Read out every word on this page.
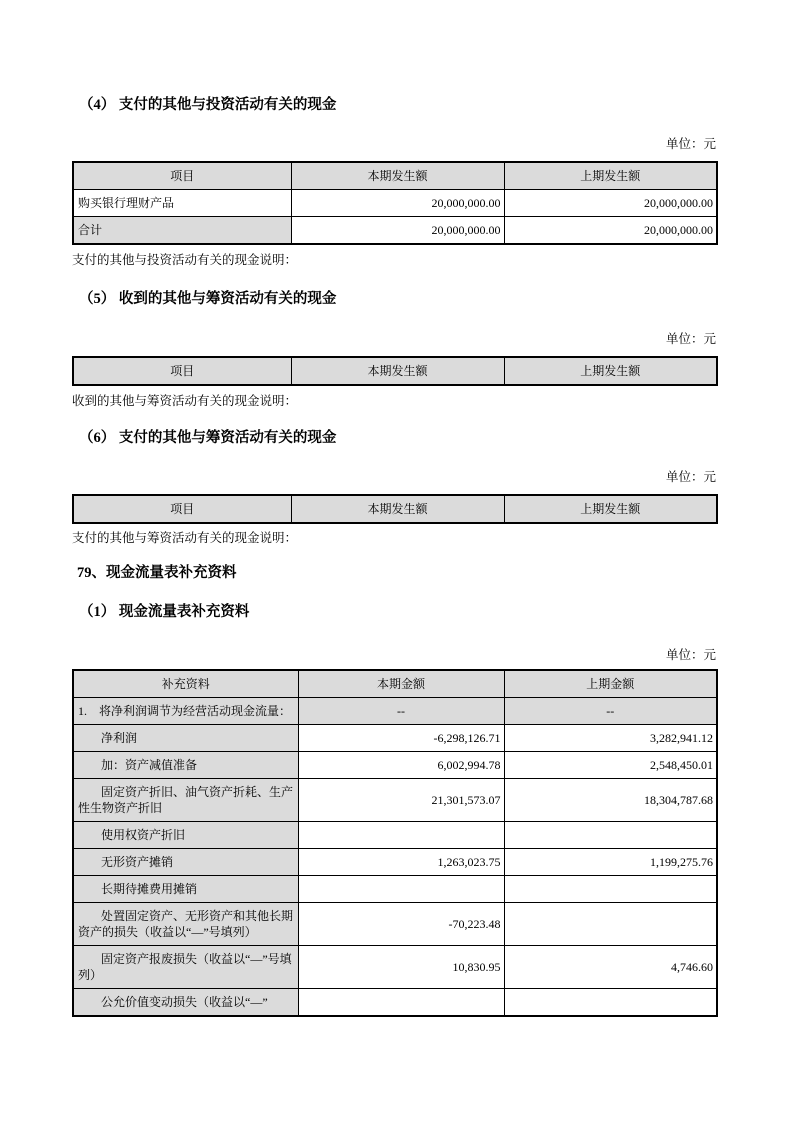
（4） 支付的其他与投资活动有关的现金
单位：元
项目	本期发生额	上期发生额
购买银行理财产品	20,000,000.00	20,000,000.00
合计	20,000,000.00	20,000,000.00
支付的其他与投资活动有关的现金说明：
（5） 收到的其他与筹资活动有关的现金
单位：元
项目	本期发生额	上期发生额
收到的其他与筹资活动有关的现金说明：
（6） 支付的其他与筹资活动有关的现金
单位：元
项目	本期发生额	上期发生额
支付的其他与筹资活动有关的现金说明：
79、现金流量表补充资料
（1） 现金流量表补充资料
单位：元
补充资料	本期金额	上期金额
1.　将净利润调节为经营活动现金流量：	--	--
净利润	-6,298,126.71	3,282,941.12
加：资产减值准备	6,002,994.78	2,548,450.01
固定资产折旧、油气资产折耗、生产性生物资产折旧	21,301,573.07	18,304,787.68
使用权资产折旧		
无形资产摊销	1,263,023.75	1,199,275.76
长期待摊费用摊销		
处置固定资产、无形资产和其他长期资产的损失（收益以“—”号填列）	-70,223.48	
固定资产报废损失（收益以“—”号填列）	10,830.95	4,746.60
公允价值变动损失（收益以“—”		
